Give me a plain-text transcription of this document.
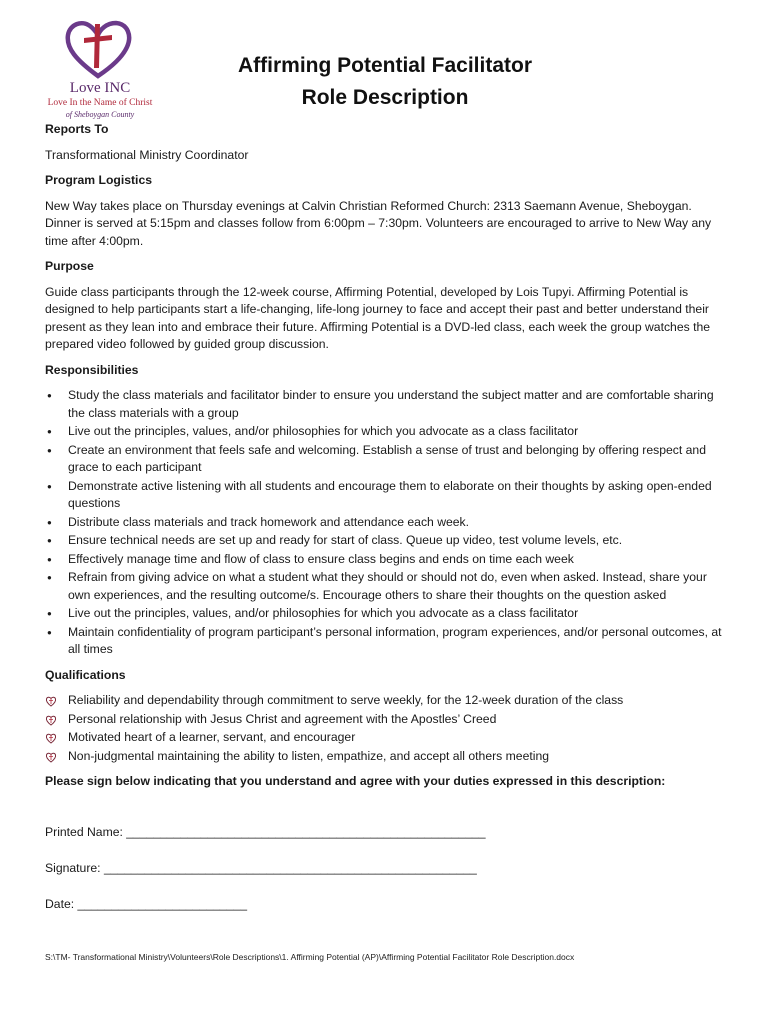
Love INC
Love In the Name of Christ
of Sheboygan County
Affirming Potential Facilitator
Role Description
Reports To
Transformational Ministry Coordinator
Program Logistics
New Way takes place on Thursday evenings at Calvin Christian Reformed Church: 2313 Saemann Avenue, Sheboygan. Dinner is served at 5:15pm and classes follow from 6:00pm – 7:30pm. Volunteers are encouraged to arrive to New Way any time after 4:00pm.
Purpose
Guide class participants through the 12-week course, Affirming Potential, developed by Lois Tupyi. Affirming Potential is designed to help participants start a life-changing, life-long journey to face and accept their past and better understand their present as they lean into and embrace their future. Affirming Potential is a DVD-led class, each week the group watches the prepared video followed by guided group discussion.
Responsibilities
● Study the class materials and facilitator binder to ensure you understand the subject matter and are comfortable sharing the class materials with a group
● Live out the principles, values, and/or philosophies for which you advocate as a class facilitator
● Create an environment that feels safe and welcoming. Establish a sense of trust and belonging by offering respect and grace to each participant
● Demonstrate active listening with all students and encourage them to elaborate on their thoughts by asking open-ended questions
● Distribute class materials and track homework and attendance each week.
● Ensure technical needs are set up and ready for start of class. Queue up video, test volume levels, etc.
● Effectively manage time and flow of class to ensure class begins and ends on time each week
● Refrain from giving advice on what a student what they should or should not do, even when asked. Instead, share your own experiences, and the resulting outcome/s. Encourage others to share their thoughts on the question asked
● Live out the principles, values, and/or philosophies for which you advocate as a class facilitator
● Maintain confidentiality of program participant’s personal information, program experiences, and/or personal outcomes, at all times
Qualifications
Reliability and dependability through commitment to serve weekly, for the 12-week duration of the class
Personal relationship with Jesus Christ and agreement with the Apostles’ Creed
Motivated heart of a learner, servant, and encourager
Non-judgmental maintaining the ability to listen, empathize, and accept all others meeting
Please sign below indicating that you understand and agree with your duties expressed in this description:
Printed Name: _____________________________________________________
Signature: _______________________________________________________
Date: _________________________
S:\TM- Transformational Ministry\Volunteers\Role Descriptions\1. Affirming Potential (AP)\Affirming Potential Facilitator Role Description.docx
